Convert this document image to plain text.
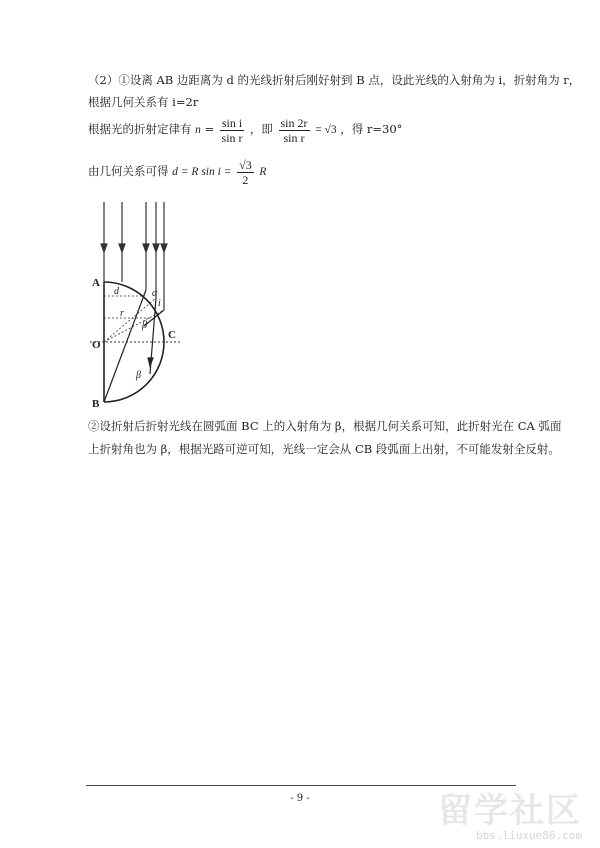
（2）①设离 AB 边距离为 d 的光线折射后刚好射到 B 点，设此光线的入射角为 i，折射角为 r，
根据几何关系有 i=2r
根据光的折射定律有 $n = \frac{\text{sin i}}{\text{sin r}}$ ，即 $\frac{\sin 2r}{\text{sin r}} = √3$ ，得 r=30°
由几何关系可得 d = R $\sin i = \frac{√3}{2}$ R
A
O
B
C
d	α
β
β
i
r
②设折射后折射光线在圆弧面 BC 上的入射角为 β，根据几何关系可知，此折射光在 CA 弧面
上折射角也为 β，根据光路可逆可知，光线一定会从 CB 段弧面上出射，不可能发射全反射。
- 9 -	留学社区
bbs.liuxue86.com
